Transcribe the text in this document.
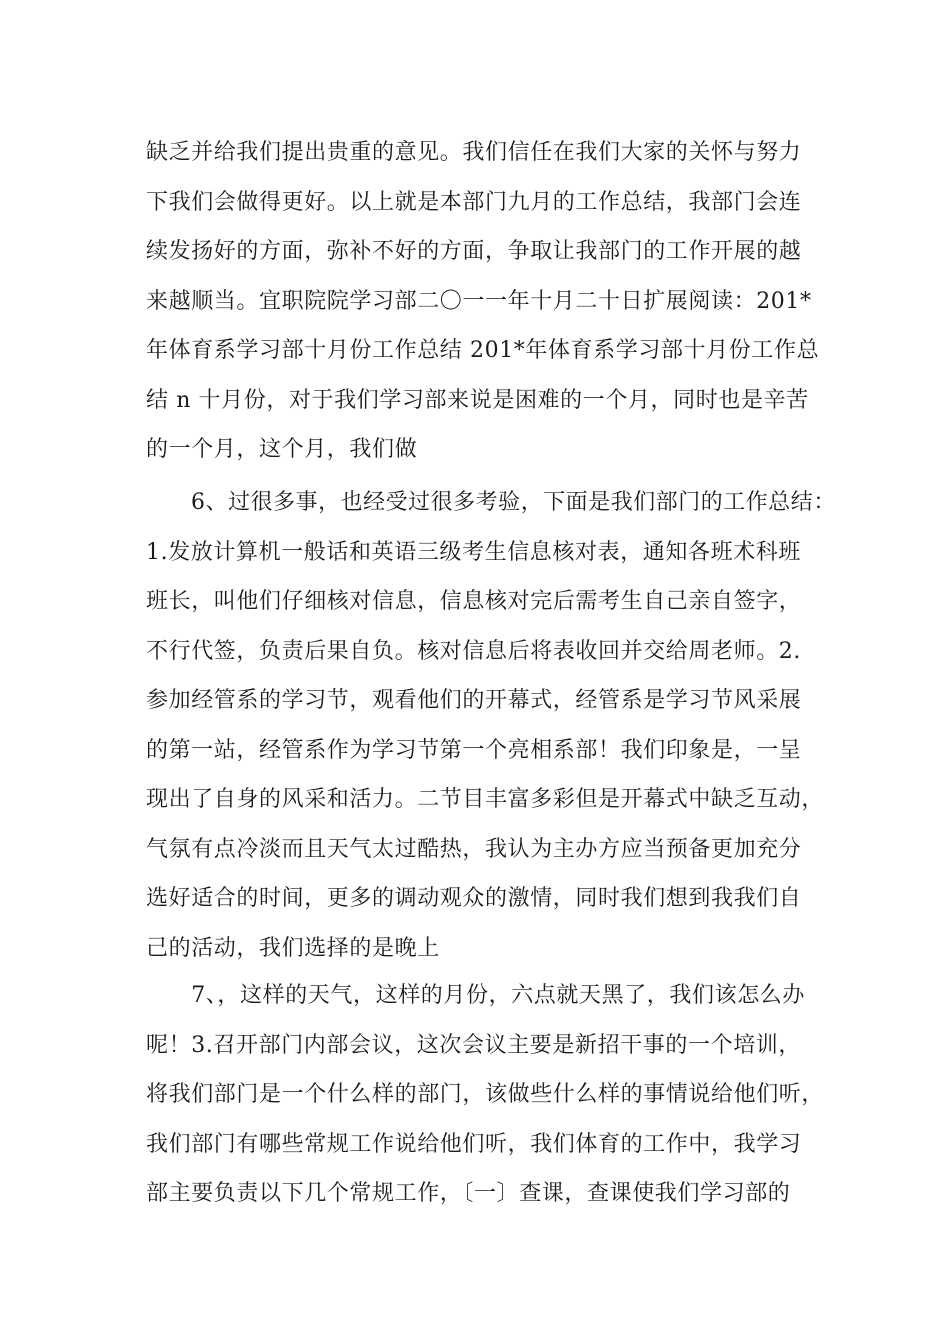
缺乏并给我们提出贵重的意见。我们信任在我们大家的关怀与努力
下我们会做得更好。以上就是本部门九月的工作总结，我部门会连
续发扬好的方面，弥补不好的方面，争取让我部门的工作开展的越
来越顺当。宜职院院学习部二〇一一年十月二十日扩展阅读：201*
年体育系学习部十月份工作总结 201*年体育系学习部十月份工作总
结 n 十月份，对于我们学习部来说是困难的一个月，同时也是辛苦
的一个月，这个月，我们做
　　6、过很多事，也经受过很多考验，下面是我们部门的工作总结：
1.发放计算机一般话和英语三级考生信息核对表，通知各班术科班
班长，叫他们仔细核对信息，信息核对完后需考生自己亲自签字，
不行代签，负责后果自负。核对信息后将表收回并交给周老师。2.
参加经管系的学习节，观看他们的开幕式，经管系是学习节风采展
的第一站，经管系作为学习节第一个亮相系部！我们印象是，一呈
现出了自身的风采和活力。二节目丰富多彩但是开幕式中缺乏互动，
气氛有点冷淡而且天气太过酷热，我认为主办方应当预备更加充分
选好适合的时间，更多的调动观众的激情，同时我们想到我我们自
己的活动，我们选择的是晚上
　　7、，这样的天气，这样的月份，六点就天黑了，我们该怎么办
呢！3.召开部门内部会议，这次会议主要是新招干事的一个培训，
将我们部门是一个什么样的部门，该做些什么样的事情说给他们听，
我们部门有哪些常规工作说给他们听，我们体育的工作中，我学习
部主要负责以下几个常规工作，〔一〕查课，查课使我们学习部的
